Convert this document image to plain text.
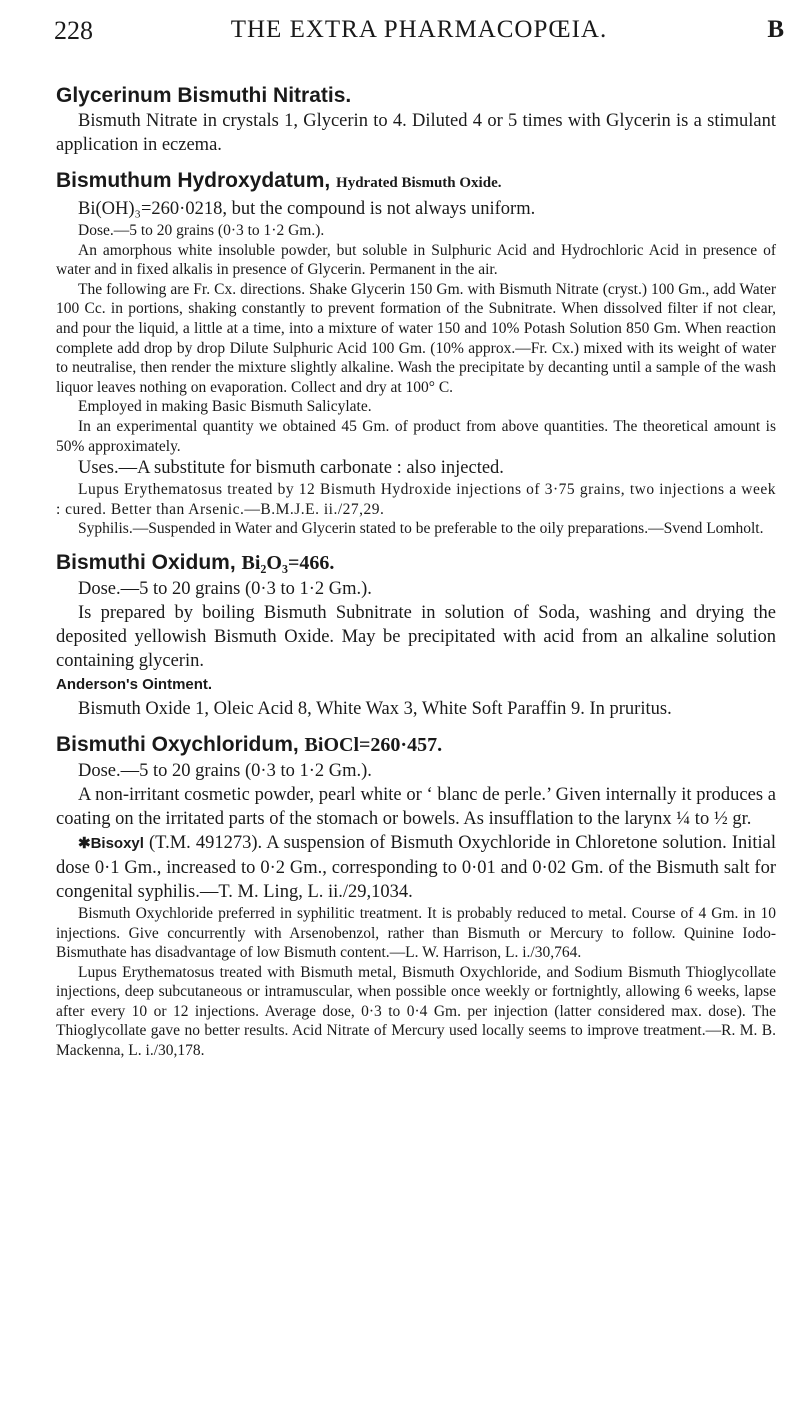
228	THE EXTRA PHARMACOPŒIA.	B
Glycerinum Bismuthi Nitratis.

Bismuth Nitrate in crystals 1, Glycerin to 4. Diluted 4 or 5 times with Glycerin is a stimulant application in eczema.

Bismuthum Hydroxydatum, Hydrated Bismuth Oxide.

Bi(OH)₃=260·0218, but the compound is not always uniform.

Dose.—5 to 20 grains (0·3 to 1·2 Gm.).

An amorphous white insoluble powder, but soluble in Sulphuric Acid and Hydrochloric Acid in presence of water and in fixed alkalis in presence of Glycerin. Permanent in the air.

The following are Fr. Cx. directions. Shake Glycerin 150 Gm. with Bismuth Nitrate (cryst.) 100 Gm., add Water 100 Cc. in portions, shaking constantly to prevent formation of the Subnitrate. When dissolved filter if not clear, and pour the liquid, a little at a time, into a mixture of water 150 and 10% Potash Solution 850 Gm. When reaction complete add drop by drop Dilute Sulphuric Acid 100 Gm. (10% approx.—Fr. Cx.) mixed with its weight of water to neutralise, then render the mixture slightly alkaline. Wash the precipitate by decanting until a sample of the wash liquor leaves nothing on evaporation. Collect and dry at 100° C.

Employed in making Basic Bismuth Salicylate.

In an experimental quantity we obtained 45 Gm. of product from above quantities. The theoretical amount is 50% approximately.

Uses.—A substitute for bismuth carbonate : also injected.

Lupus Erythematosus treated by 12 Bismuth Hydroxide injections of 3·75 grains, two injections a week : cured. Better than Arsenic.—B.M.J.E. ii./27,29.

Syphilis.—Suspended in Water and Glycerin stated to be preferable to the oily preparations.—Svend Lomholt.

Bismuthi Oxidum, Bi₂O₃=466.

Dose.—5 to 20 grains (0·3 to 1·2 Gm.).

Is prepared by boiling Bismuth Subnitrate in solution of Soda, washing and drying the deposited yellowish Bismuth Oxide. May be precipitated with acid from an alkaline solution containing glycerin.

Anderson's Ointment.

Bismuth Oxide 1, Oleic Acid 8, White Wax 3, White Soft Paraffin 9. In pruritus.

Bismuthi Oxychloridum, BiOCl=260·457.

Dose.—5 to 20 grains (0·3 to 1·2 Gm.).

A non-irritant cosmetic powder, pearl white or ‘ blanc de perle.’ Given internally it produces a coating on the irritated parts of the stomach or bowels. As insufflation to the larynx ¼ to ½ gr.

✱Bisoxyl (T.M. 491273). A suspension of Bismuth Oxychloride in Chloretone solution. Initial dose 0·1 Gm., increased to 0·2 Gm., corresponding to 0·01 and 0·02 Gm. of the Bismuth salt for congenital syphilis.—T. M. Ling, L. ii./29,1034.

Bismuth Oxychloride preferred in syphilitic treatment. It is probably reduced to metal. Course of 4 Gm. in 10 injections. Give concurrently with Arsenobenzol, rather than Bismuth or Mercury to follow. Quinine Iodo-Bismuthate has disadvantage of low Bismuth content.—L. W. Harrison, L. i./30,764.

Lupus Erythematosus treated with Bismuth metal, Bismuth Oxychloride, and Sodium Bismuth Thioglycollate injections, deep subcutaneous or intramuscular, when possible once weekly or fortnightly, allowing 6 weeks, lapse after every 10 or 12 injections. Average dose, 0·3 to 0·4 Gm. per injection (latter considered max. dose). The Thioglycollate gave no better results. Acid Nitrate of Mercury used locally seems to improve treatment.—R. M. B. Mackenna, L. i./30,178.
